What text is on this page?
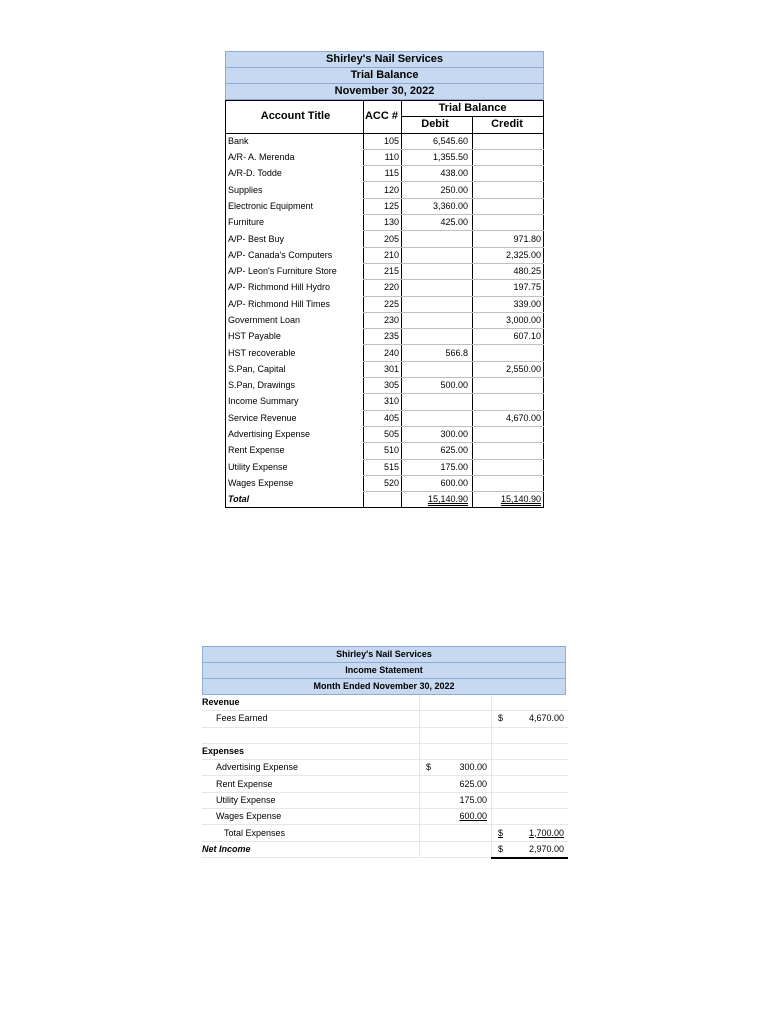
Shirley's Nail Services
Trial Balance
November 30, 2022
Account Title	ACC #	Trial Balance	
		Debit	Credit
Bank	105	6,545.60	
A/R- A. Merenda	110	1,355.50	
A/R-D. Todde	115	438.00	
Supplies	120	250.00	
Electronic Equipment	125	3,360.00	
Furniture	130	425.00	
A/P- Best Buy	205		971.80
A/P- Canada's Computers	210		2,325.00
A/P- Leon's Furniture Store	215		480.25
A/P- Richmond Hill Hydro	220		197.75
A/P- Richmond Hill Times	225		339.00
Government Loan	230		3,000.00
HST Payable	235		607.10
HST recoverable	240	566.8	
S.Pan, Capital	301		2,550.00
S.Pan, Drawings	305	500.00	
Income Summary	310		
Service Revenue	405		4,670.00
Advertising Expense	505	300.00	
Rent Expense	510	625.00	
Utility Expense	515	175.00	
Wages Expense	520	600.00	
Total		15,140.90	15,140.90
Shirley's Nail Services
Income Statement
Month Ended November 30, 2022
Revenue		
Fees Earned		$ 4,670.00

Expenses		
Advertising Expense	$ 300.00	

Rent Expense	625.00	

Utility Expense	175.00	

Wages Expense	600.00	

Total Expenses		$ 1,700.00

Net Income		$ 2,970.00
